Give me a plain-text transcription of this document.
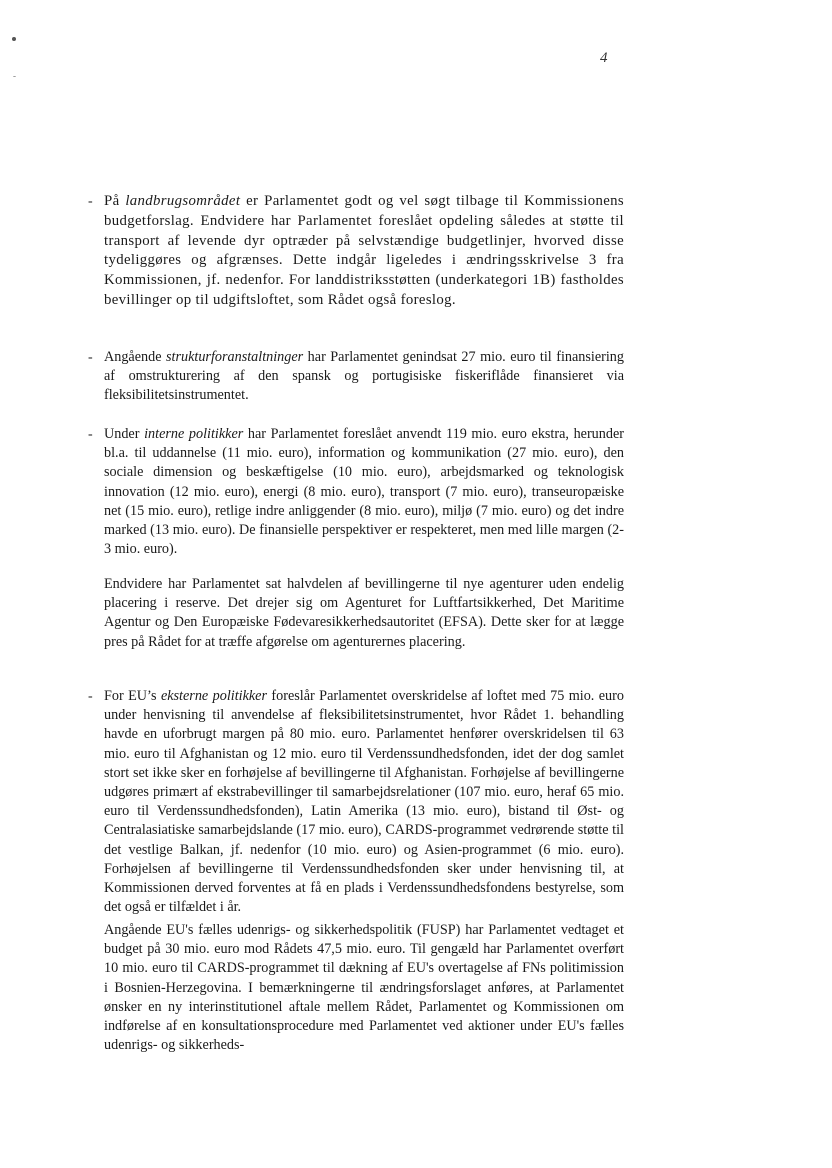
4
- På landbrugsområdet er Parlamentet godt og vel søgt tilbage til Kommissionens budgetforslag. Endvidere har Parlamentet foreslået opdeling således at støtte til transport af levende dyr optræder på selvstændige budgetlinjer, hvorved disse tydeliggøres og afgrænses. Dette indgår ligeledes i ændringsskrivelse 3 fra Kommissionen, jf. nedenfor. For landdistriksstøtten (underkategori 1B) fastholdes bevillinger op til udgiftsloftet, som Rådet også foreslog.

- Angående strukturforanstaltninger har Parlamentet genindsat 27 mio. euro til finansiering af omstrukturering af den spansk og portugisiske fiskeriflåde finansieret via fleksibilitetsinstrumentet.

- Under interne politikker har Parlamentet foreslået anvendt 119 mio. euro ekstra, herunder bl.a. til uddannelse (11 mio. euro), information og kommunikation (27 mio. euro), den sociale dimension og beskæftigelse (10 mio. euro), arbejdsmarked og teknologisk innovation (12 mio. euro), energi (8 mio. euro), transport (7 mio. euro), transeuropæiske net (15 mio. euro), retlige indre anliggender (8 mio. euro), miljø (7 mio. euro) og det indre marked (13 mio. euro). De finansielle perspektiver er respekteret, men med lille margen (2-3 mio. euro).

Endvidere har Parlamentet sat halvdelen af bevillingerne til nye agenturer uden endelig placering i reserve. Det drejer sig om Agenturet for Luftfartsikkerhed, Det Maritime Agentur og Den Europæiske Fødevaresikkerhedsautoritet (EFSA). Dette sker for at lægge pres på Rådet for at træffe afgørelse om agenturernes placering.

- For EU’s eksterne politikker foreslår Parlamentet overskridelse af loftet med 75 mio. euro under henvisning til anvendelse af fleksibilitetsinstrumentet, hvor Rådet 1. behandling havde en uforbrugt margen på 80 mio. euro. Parlamentet henfører overskridelsen til 63 mio. euro til Afghanistan og 12 mio. euro til Verdenssundhedsfonden, idet der dog samlet stort set ikke sker en forhøjelse af bevillingerne til Afghanistan. Forhøjelse af bevillingerne udgøres primært af ekstrabevillinger til samarbejdsrelationer (107 mio. euro, heraf 65 mio. euro til Verdenssundhedsfonden), Latin Amerika (13 mio. euro), bistand til Øst- og Centralasiatiske samarbejdslande (17 mio. euro), CARDS-programmet vedrørende støtte til det vestlige Balkan, jf. nedenfor (10 mio. euro) og Asien-programmet (6 mio. euro). Forhøjelsen af bevillingerne til Verdenssundhedsfonden sker under henvisning til, at Kommissionen derved forventes at få en plads i Verdenssundhedsfondens bestyrelse, som det også er tilfældet i år.

Angående EU's fælles udenrigs- og sikkerhedspolitik (FUSP) har Parlamentet vedtaget et budget på 30 mio. euro mod Rådets 47,5 mio. euro. Til gengæld har Parlamentet overført 10 mio. euro til CARDS-programmet til dækning af EU's overtagelse af FNs politimission i Bosnien-Herzegovina. I bemærkningerne til ændringsforslaget anføres, at Parlamentet ønsker en ny interinstitutionel aftale mellem Rådet, Parlamentet og Kommissionen om indførelse af en konsultationsprocedure med Parlamentet ved aktioner under EU's fælles udenrigs- og sikkerheds-
